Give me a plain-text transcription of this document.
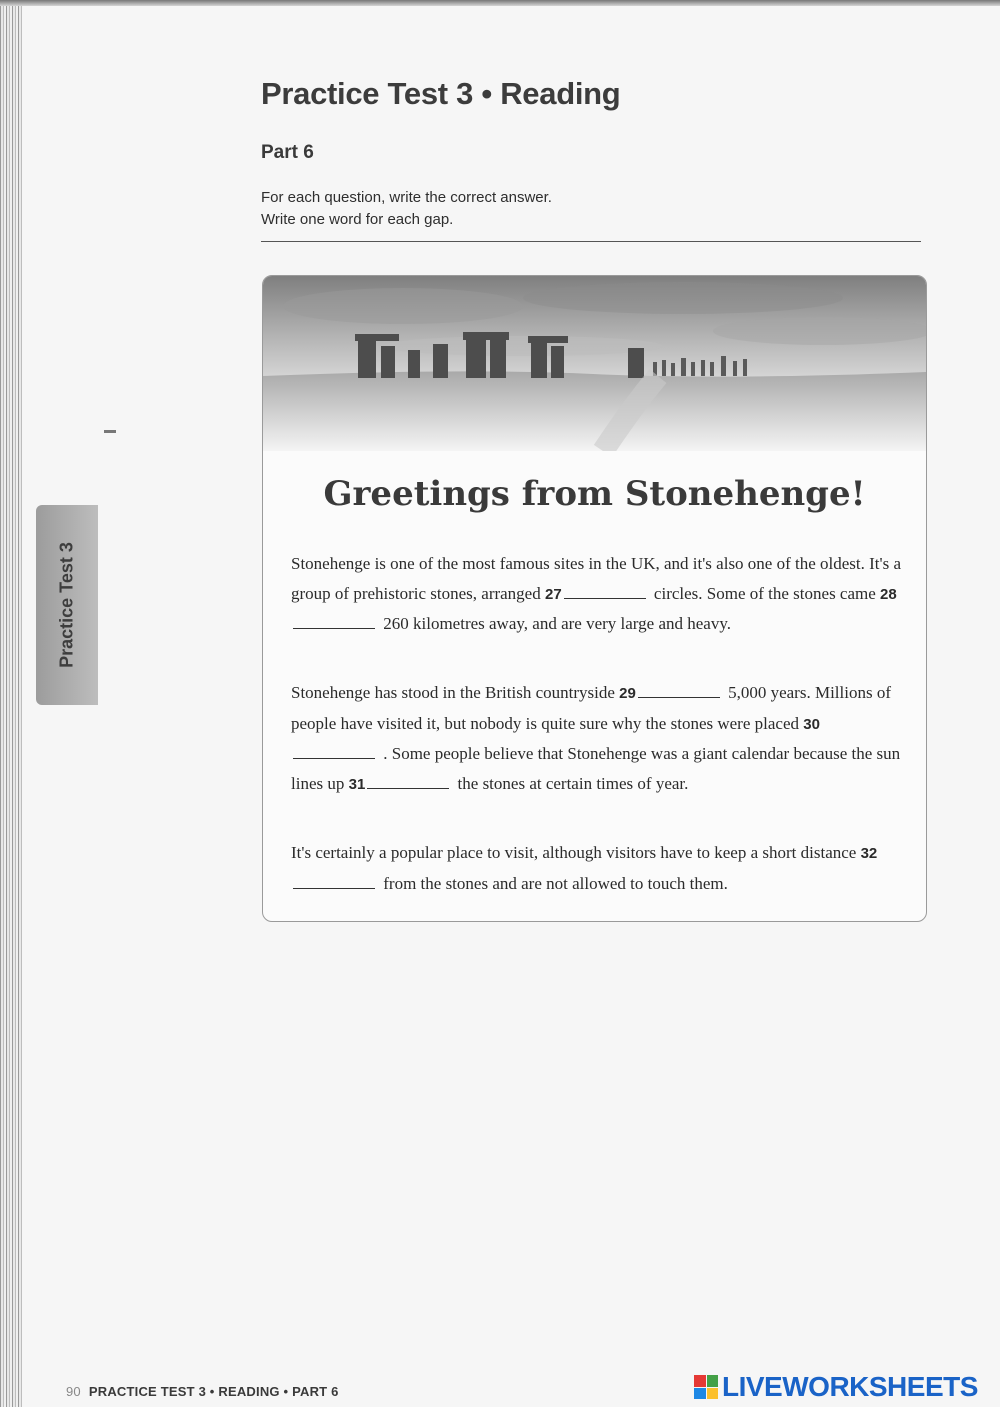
Practice Test 3 • Reading
Part 6
For each question, write the correct answer.
Write one word for each gap.
Practice Test 3
Greetings from Stonehenge!

Stonehenge is one of the most famous sites in the UK, and it's also one of the oldest. It's a group of prehistoric stones, arranged 27	circles. Some of the stones came 28 260 kilometres away, and are very large and heavy.

Stonehenge has stood in the British countryside 29	5,000 years. Millions of people have visited it, but nobody is quite sure why the stones were placed 30 . Some people believe that Stonehenge was a giant calendar because the sun lines up 31	the stones at certain times of year.

It's certainly a popular place to visit, although visitors have to keep a short distance 32 from the stones and are not allowed to touch them.

90 PRACTICE TEST 3 • READING • PART 6	LIVEWORKSHEETS
